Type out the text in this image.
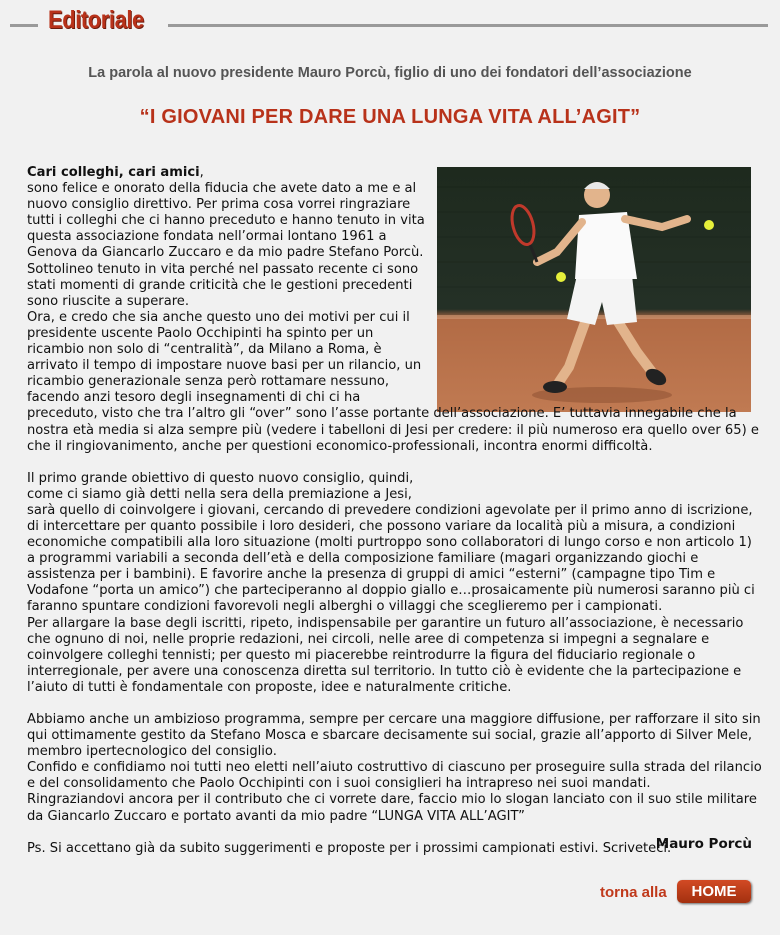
Editoriale
La parola al nuovo presidente Mauro Porcù, figlio di uno dei fondatori dell’associazione
“I GIOVANI PER DARE UNA LUNGA VITA ALL’AGIT”

Cari colleghi, cari amici,
sono felice e onorato della fiducia che avete dato a me e al nuovo consiglio direttivo. Per prima cosa vorrei ringraziare tutti i colleghi che ci hanno preceduto e hanno tenuto in vita questa associazione fondata nell’ormai lontano 1961 a Genova da Giancarlo Zuccaro e da mio padre Stefano Porcù. Sottolineo tenuto in vita perché nel passato recente ci sono stati momenti di grande criticità che le gestioni precedenti sono riuscite a superare.

Ora, e credo che sia anche questo uno dei motivi per cui il presidente uscente Paolo Occhipinti ha spinto per un ricambio non solo di “centralità”, da Milano a Roma, è arrivato il tempo di impostare nuove basi per un rilancio, un ricambio generazionale senza però rottamare nessuno, facendo anzi tesoro degli insegnamenti di chi ci ha preceduto, visto che tra l’altro gli “over” sono l’asse portante dell’associazione. E’ tuttavia innegabile che la nostra età media si alza sempre più (vedere i tabelloni di Jesi per credere: il più numeroso era quello over 65) e che il ringiovanimento, anche per questioni economico-professionali, incontra enormi difficoltà.

Il primo grande obiettivo di questo nuovo consiglio, quindi, come ci siamo già detti nella sera della premiazione a Jesi, sarà quello di coinvolgere i giovani, cercando di prevedere condizioni agevolate per il primo anno di iscrizione, di intercettare per quanto possibile i loro desideri, che possono variare da località più a misura, a condizioni economiche compatibili alla loro situazione (molti purtroppo sono collaboratori di lungo corso e non articolo 1) a programmi variabili a seconda dell’età e della composizione familiare (magari organizzando giochi e assistenza per i bambini). E favorire anche la presenza di gruppi di amici “esterni” (campagne tipo Tim e Vodafone “porta un amico”) che parteciperanno al doppio giallo e…prosaicamente più numerosi saranno più ci faranno spuntare condizioni favorevoli negli alberghi o villaggi che sceglieremo per i campionati.
Per allargare la base degli iscritti, ripeto, indispensabile per garantire un futuro all’associazione, è necessario che ognuno di noi, nelle proprie redazioni, nei circoli, nelle aree di competenza si impegni a segnalare e coinvolgere colleghi tennisti; per questo mi piacerebbe reintrodurre la figura del fiduciario regionale o interregionale, per avere una conoscenza diretta sul territorio. In tutto ciò è evidente che la partecipazione e l’aiuto di tutti è fondamentale con proposte, idee e naturalmente critiche.

Abbiamo anche un ambizioso programma, sempre per cercare una maggiore diffusione, per rafforzare il sito sin qui ottimamente gestito da Stefano Mosca e sbarcare decisamente sui social, grazie all’apporto di Silver Mele, membro ipertecnologico del consiglio.
Confido e confidiamo noi tutti neo eletti nell’aiuto costruttivo di ciascuno per proseguire sulla strada del rilancio e del consolidamento che Paolo Occhipinti con i suoi consiglieri ha intrapreso nei suoi mandati.
Ringraziandovi ancora per il contributo che ci vorrete dare, faccio mio lo slogan lanciato con il suo stile militare da Giancarlo Zuccaro e portato avanti da mio padre “LUNGA VITA ALL’AGIT”

Ps. Si accettano già da subito suggerimenti e proposte per i prossimi campionati estivi. Scriveteci.

Mauro Porcù
torna alla	HOME
